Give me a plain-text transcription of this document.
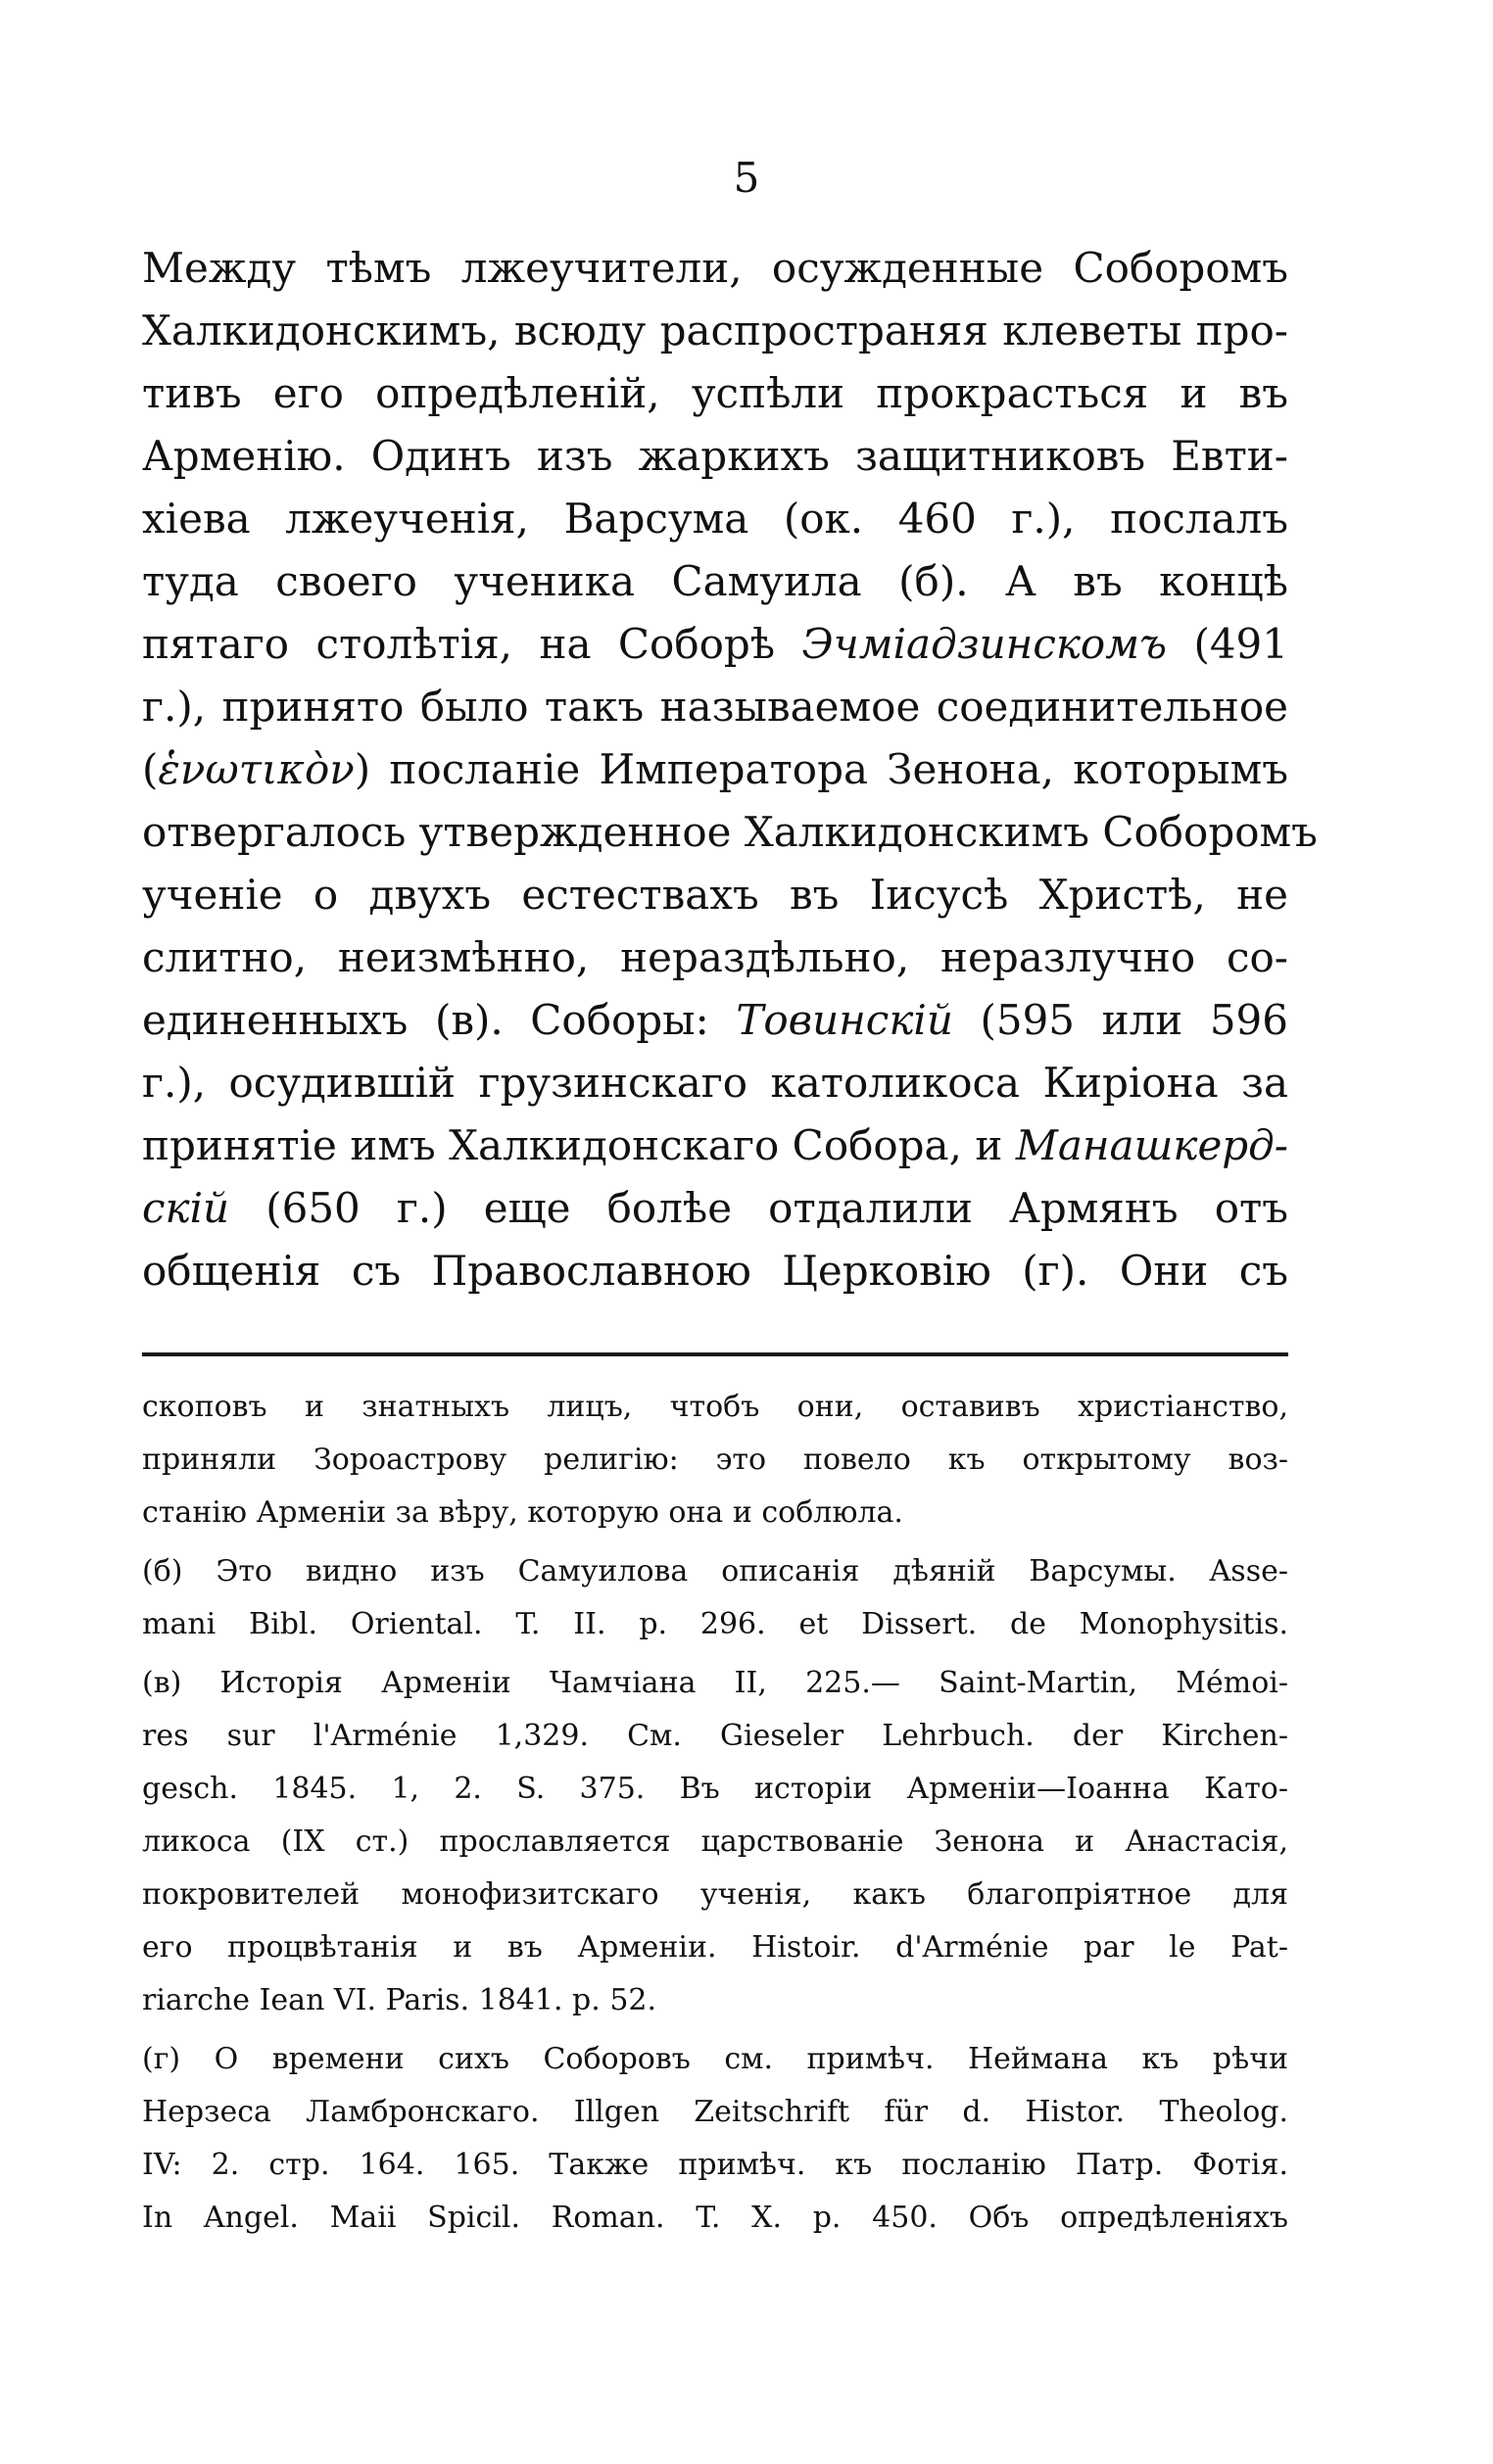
5
Между тѣмъ лжеучители, осужденные Соборомъ
Халкидонскимъ, всюду распространяя клеветы про-
тивъ его опредѣленій, успѣли прокрасться и въ
Арменію. Одинъ изъ жаркихъ защитниковъ Евти-
хіева лжеученія, Варсума (ок. 460 г.), послалъ
туда своего ученика Самуила (б). А въ концѣ
пятаго столѣтія, на Соборѣ Эчміадзинскомъ (491
г.), принято было такъ называемое соединительное
(ἑνωτικὸν) посланіе Императора Зенона, которымъ
отвергалось утвержденное Халкидонскимъ Соборомъ
ученіе о двухъ естествахъ въ Іисусѣ Христѣ, не
слитно, неизмѣнно, нераздѣльно, неразлучно со-
единенныхъ (в). Соборы: Товинскій (595 или 596
г.), осудившій грузинскаго католикоса Киріона за
принятіе имъ Халкидонскаго Собора, и Манашкерд-
скій (650 г.) еще болѣе отдалили Армянъ отъ
общенія съ Православною Церковію (г). Они съ
скоповъ и знатныхъ лицъ, чтобъ они, оставивъ христіанство,
приняли Зороастрову религію: это повело къ открытому воз-
станію Арменіи за вѣру, которую она и соблюла.
(б) Это видно изъ Самуилова описанія дѣяній Варсумы. Asse-
mani Bibl. Oriental. T. II. p. 296. et Dissert. de Monophysitis.
(в) Исторія Арменіи Чамчіана II, 225.— Saint-Martin, Mémoi-
res sur l'Arménie 1,329. См. Gieseler Lehrbuch. der Kirchen-
gesch. 1845. 1, 2. S. 375. Въ исторіи Арменіи—Іоанна Като-
ликоса (IX ст.) прославляется царствованіе Зенона и Анастасія,
покровителей монофизитскаго ученія, какъ благопріятное для
его процвѣтанія и въ Арменіи. Histoir. d'Arménie par le Pat-
riarche Iean VI. Paris. 1841. p. 52.
(г) О времени сихъ Соборовъ см. примѣч. Неймана къ рѣчи
Нерзеса Ламбронскаго. Illgen Zeitschrift für d. Histor. Theolog.
IV: 2. стр. 164. 165. Также примѣч. къ посланію Патр. Фотія.
In Angel. Maii Spicil. Roman. T. X. p. 450. Объ опредѣленіяхъ
